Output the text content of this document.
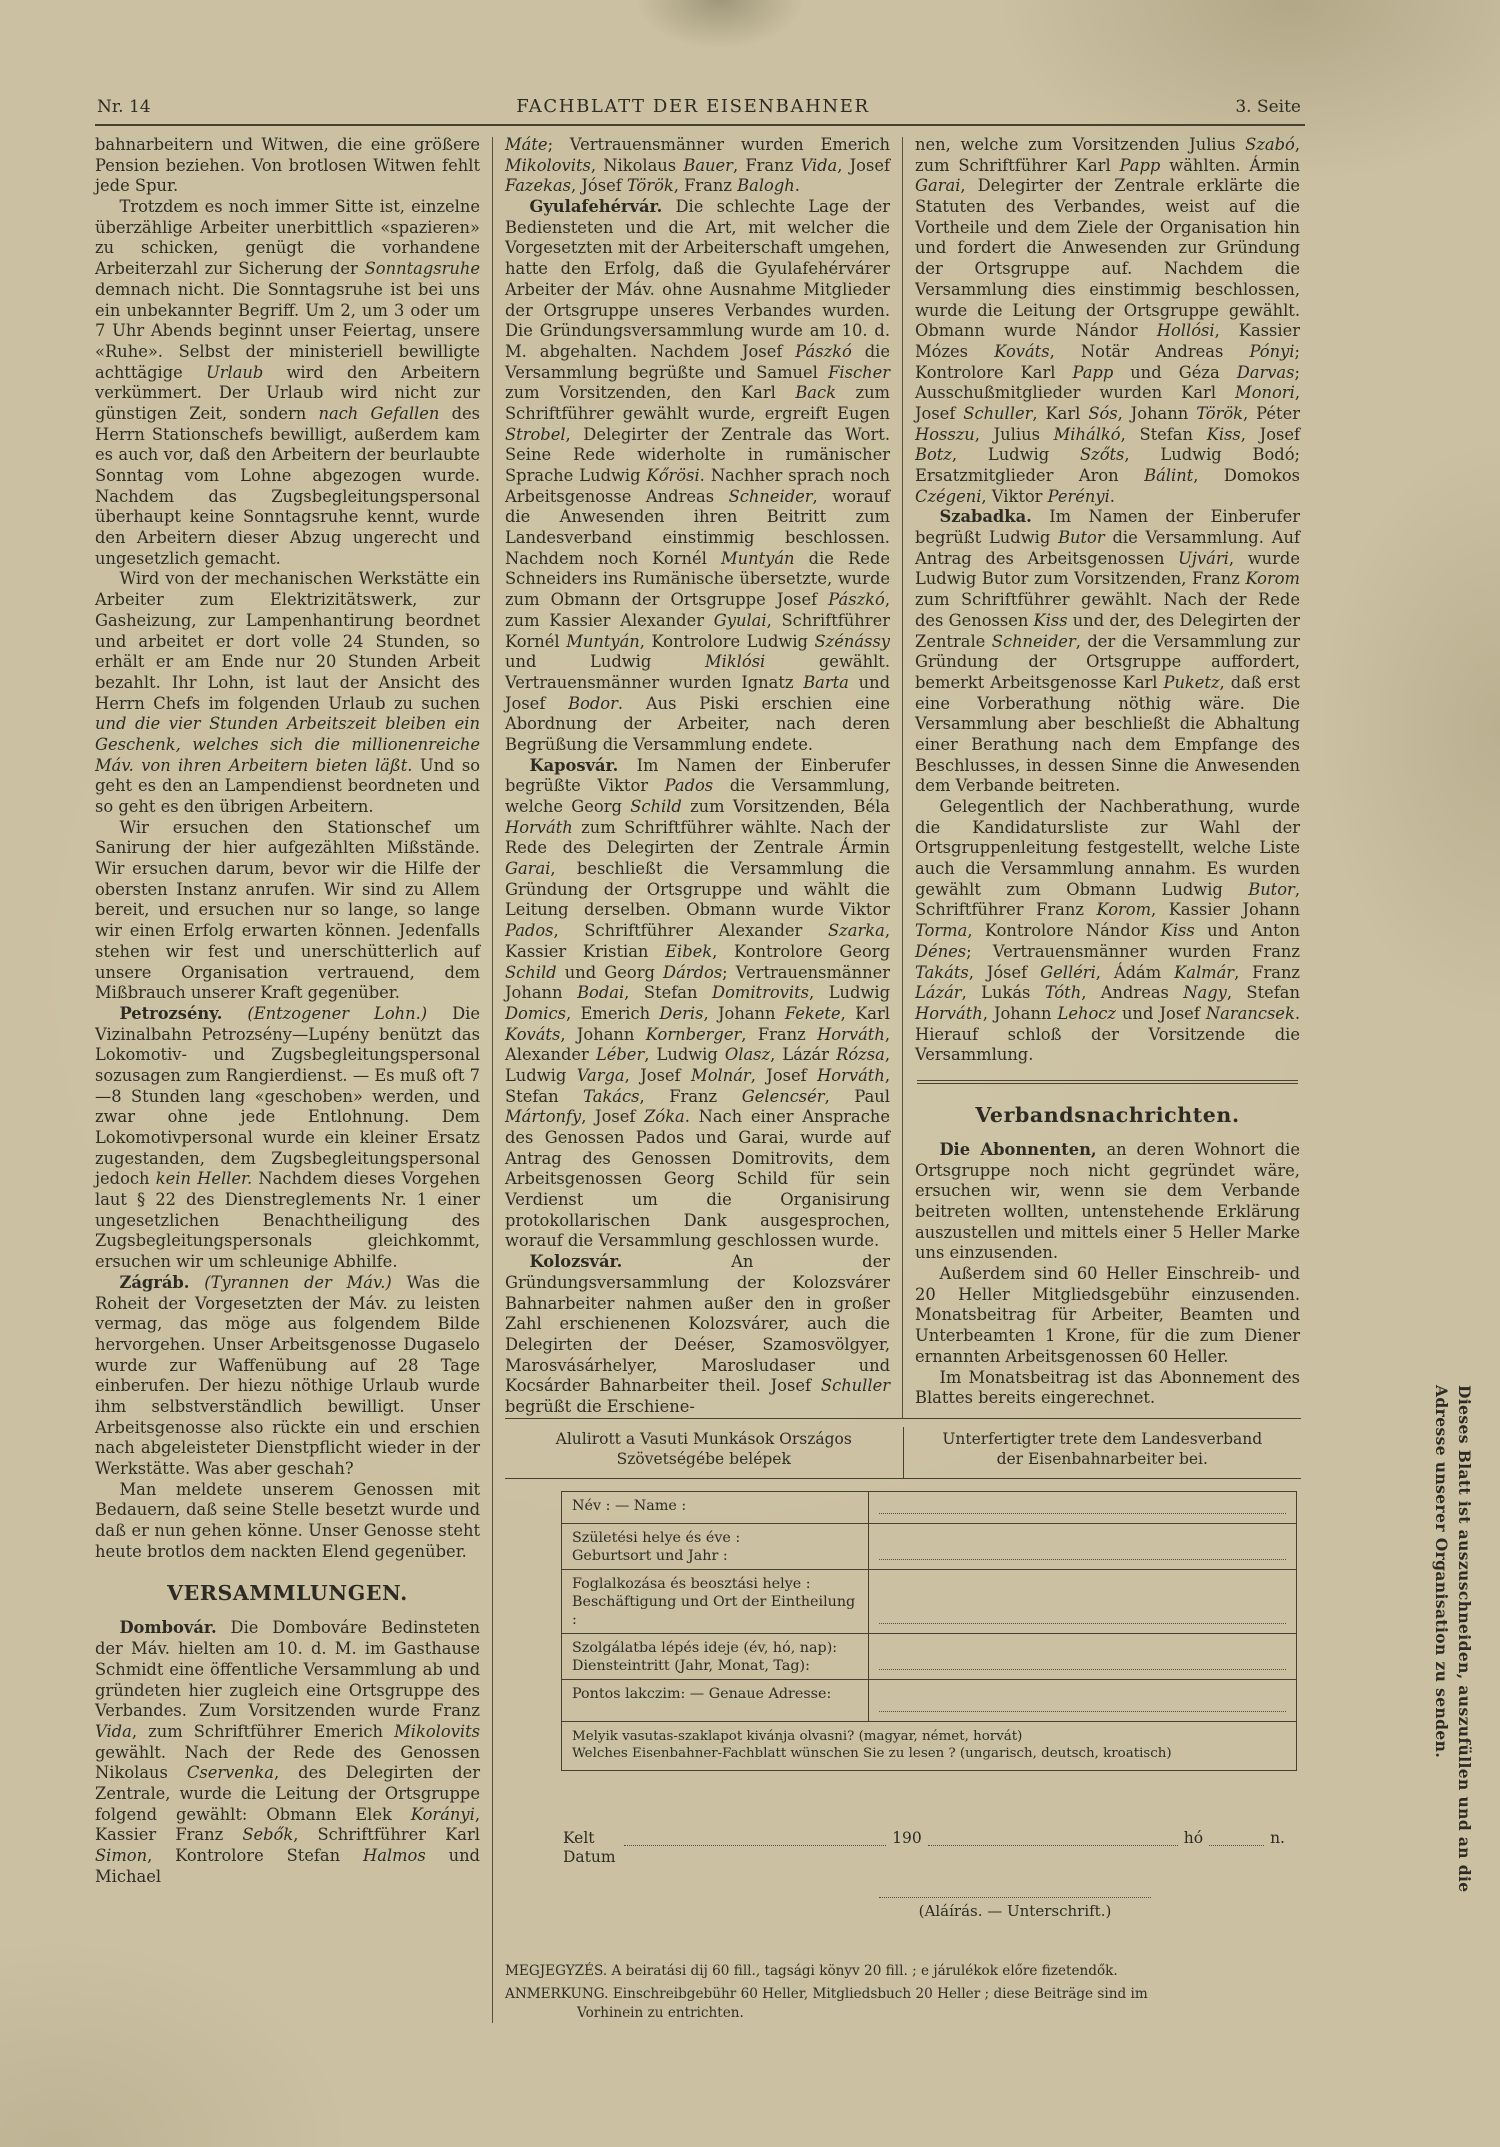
Nr. 14	FACHBLATT DER EISENBAHNER	3. Seite

bahnarbeitern und Witwen, die eine größere Pension beziehen. Von brotlosen Witwen fehlt jede Spur.

Trotzdem es noch immer Sitte ist, einzelne überzählige Arbeiter unerbittlich «spazieren» zu schicken, genügt die vorhandene Arbeiterzahl zur Sicherung der Sonntagsruhe demnach nicht. Die Sonntagsruhe ist bei uns ein unbekannter Begriff. Um 2, um 3 oder um 7 Uhr Abends beginnt unser Feiertag, unsere «Ruhe». Selbst der ministeriell bewilligte achttägige Urlaub wird den Arbeitern verkümmert. Der Urlaub wird nicht zur günstigen Zeit, sondern nach Gefallen des Herrn Stationschefs bewilligt, außerdem kam es auch vor, daß den Arbeitern der beurlaubte Sonntag vom Lohne abgezogen wurde. Nachdem das Zugsbegleitungspersonal überhaupt keine Sonntagsruhe kennt, wurde den Arbeitern dieser Abzug ungerecht und ungesetzlich gemacht.

Wird von der mechanischen Werkstätte ein Arbeiter zum Elektrizitätswerk, zur Gasheizung, zur Lampenhantirung beordnet und arbeitet er dort volle 24 Stunden, so erhält er am Ende nur 20 Stunden Arbeit bezahlt. Ihr Lohn, ist laut der Ansicht des Herrn Chefs im folgenden Urlaub zu suchen und die vier Stunden Arbeitszeit bleiben ein Geschenk, welches sich die millionenreiche Máv. von ihren Arbeitern bieten läßt. Und so geht es den an Lampendienst beordneten und so geht es den übrigen Arbeitern.

Wir ersuchen den Stationschef um Sanirung der hier aufgezählten Mißstände. Wir ersuchen darum, bevor wir die Hilfe der obersten Instanz anrufen. Wir sind zu Allem bereit, und ersuchen nur so lange, so lange wir einen Erfolg erwarten können. Jedenfalls stehen wir fest und unerschütterlich auf unsere Organisation vertrauend, dem Mißbrauch unserer Kraft gegenüber.

Petrozsény. (Entzogener Lohn.) Die Vizinalbahn Petrozsény—Lupény benützt das Lokomotiv- und Zugsbegleitungspersonal sozusagen zum Rangierdienst. — Es muß oft 7—8 Stunden lang «geschoben» werden, und zwar ohne jede Entlohnung. Dem Lokomotivpersonal wurde ein kleiner Ersatz zugestanden, dem Zugsbegleitungspersonal jedoch kein Heller. Nachdem dieses Vorgehen laut § 22 des Dienstreglements Nr. 1 einer ungesetzlichen Benachtheiligung des Zugsbegleitungspersonals gleichkommt, ersuchen wir um schleunige Abhilfe.

Zágráb. (Tyrannen der Máv.) Was die Roheit der Vorgesetzten der Máv. zu leisten vermag, das möge aus folgendem Bilde hervorgehen. Unser Arbeitsgenosse Dugaselo wurde zur Waffenübung auf 28 Tage einberufen. Der hiezu nöthige Urlaub wurde ihm selbstverständlich bewilligt. Unser Arbeitsgenosse also rückte ein und erschien nach abgeleisteter Dienstpflicht wieder in der Werkstätte. Was aber geschah?

Man meldete unserem Genossen mit Bedauern, daß seine Stelle besetzt wurde und daß er nun gehen könne. Unser Genosse steht heute brotlos dem nackten Elend gegenüber.

VERSAMMLUNGEN.

Dombovár. Die Dombováre Bedinsteten der Máv. hielten am 10. d. M. im Gasthause Schmidt eine öffentliche Versammlung ab und gründeten hier zugleich eine Ortsgruppe des Verbandes. Zum Vorsitzenden wurde Franz Vida, zum Schriftführer Emerich Mikolovits gewählt. Nach der Rede des Genossen Nikolaus Cservenka, des Delegirten der Zentrale, wurde die Leitung der Ortsgruppe folgend gewählt: Obmann Elek Korányi, Kassier Franz Sebők, Schriftführer Karl Simon, Kontrolore Stefan Halmos und Michael

Máte; Vertrauensmänner wurden Emerich Mikolovits, Nikolaus Bauer, Franz Vida, Josef Fazekas, Jósef Török, Franz Balogh.

Gyulafehérvár. Die schlechte Lage der Bediensteten und die Art, mit welcher die Vorgesetzten mit der Arbeiterschaft umgehen, hatte den Erfolg, daß die Gyulafehérvárer Arbeiter der Máv. ohne Ausnahme Mitglieder der Ortsgruppe unseres Verbandes wurden. Die Gründungsversammlung wurde am 10. d. M. abgehalten. Nachdem Josef Pászkó die Versammlung begrüßte und Samuel Fischer zum Vorsitzenden, den Karl Back zum Schriftführer gewählt wurde, ergreift Eugen Strobel, Delegirter der Zentrale das Wort. Seine Rede widerholte in rumänischer Sprache Ludwig Kőrösi. Nachher sprach noch Arbeitsgenosse Andreas Schneider, worauf die Anwesenden ihren Beitritt zum Landesverband einstimmig beschlossen. Nachdem noch Kornél Muntyán die Rede Schneiders ins Rumänische übersetzte, wurde zum Obmann der Ortsgruppe Josef Pászkó, zum Kassier Alexander Gyulai, Schriftführer Kornél Muntyán, Kontrolore Ludwig Szénássy und Ludwig Miklósi gewählt. Vertrauensmänner wurden Ignatz Barta und Josef Bodor. Aus Piski erschien eine Abordnung der Arbeiter, nach deren Begrüßung die Versammlung endete.

Kaposvár. Im Namen der Einberufer begrüßte Viktor Pados die Versammlung, welche Georg Schild zum Vorsitzenden, Béla Horváth zum Schriftführer wählte. Nach der Rede des Delegirten der Zentrale Ármin Garai, beschließt die Versammlung die Gründung der Ortsgruppe und wählt die Leitung derselben. Obmann wurde Viktor Pados, Schriftführer Alexander Szarka, Kassier Kristian Eibek, Kontrolore Georg Schild und Georg Dárdos; Vertrauensmänner Johann Bodai, Stefan Domitrovits, Ludwig Domics, Emerich Deris, Johann Fekete, Karl Kováts, Johann Kornberger, Franz Horváth, Alexander Léber, Ludwig Olasz, Lázár Rózsa, Ludwig Varga, Josef Molnár, Josef Horváth, Stefan Takács, Franz Gelencsér, Paul Mártonfy, Josef Zóka. Nach einer Ansprache des Genossen Pados und Garai, wurde auf Antrag des Genossen Domitrovits, dem Arbeitsgenossen Georg Schild für sein Verdienst um die Organisirung protokollarischen Dank ausgesprochen, worauf die Versammlung geschlossen wurde.

Kolozsvár. An der Gründungsversammlung der Kolozsvárer Bahnarbeiter nahmen außer den in großer Zahl erschienenen Kolozsvárer, auch die Delegirten der Deéser, Szamosvölgyer, Marosvásárhelyer, Marosludaser und Kocsárder Bahnarbeiter theil. Josef Schuller begrüßt die Erschiene-

nen, welche zum Vorsitzenden Julius Szabó, zum Schriftführer Karl Papp wählten. Ármin Garai, Delegirter der Zentrale erklärte die Statuten des Verbandes, weist auf die Vortheile und dem Ziele der Organisation hin und fordert die Anwesenden zur Gründung der Ortsgruppe auf. Nachdem die Versammlung dies einstimmig beschlossen, wurde die Leitung der Ortsgruppe gewählt. Obmann wurde Nándor Hollósi, Kassier Mózes Kováts, Notär Andreas Pónyi; Kontrolore Karl Papp und Géza Darvas; Ausschußmitglieder wurden Karl Monori, Josef Schuller, Karl Sós, Johann Török, Péter Hosszu, Julius Mihálkó, Stefan Kiss, Josef Botz, Ludwig Szőts, Ludwig Bodó; Ersatzmitglieder Aron Bálint, Domokos Czégeni, Viktor Perényi.

Szabadka. Im Namen der Einberufer begrüßt Ludwig Butor die Versammlung. Auf Antrag des Arbeitsgenossen Ujvári, wurde Ludwig Butor zum Vorsitzenden, Franz Korom zum Schriftführer gewählt. Nach der Rede des Genossen Kiss und der, des Delegirten der Zentrale Schneider, der die Versammlung zur Gründung der Ortsgruppe auffordert, bemerkt Arbeitsgenosse Karl Puketz, daß erst eine Vorberathung nöthig wäre. Die Versammlung aber beschließt die Abhaltung einer Berathung nach dem Empfange des Beschlusses, in dessen Sinne die Anwesenden dem Verbande beitreten.

Gelegentlich der Nachberathung, wurde die Kandidatursliste zur Wahl der Ortsgruppenleitung festgestellt, welche Liste auch die Versammlung annahm. Es wurden gewählt zum Obmann Ludwig Butor, Schriftführer Franz Korom, Kassier Johann Torma, Kontrolore Nándor Kiss und Anton Dénes; Vertrauensmänner wurden Franz Takáts, Jósef Gelléri, Ádám Kalmár, Franz Lázár, Lukás Tóth, Andreas Nagy, Stefan Horváth, Johann Lehocz und Josef Narancsek. Hierauf schloß der Vorsitzende die Versammlung.

Verbandsnachrichten.

Die Abonnenten, an deren Wohnort die Ortsgruppe noch nicht gegründet wäre, ersuchen wir, wenn sie dem Verbande beitreten wollten, untenstehende Erklärung auszustellen und mittels einer 5 Heller Marke uns einzusenden.

Außerdem sind 60 Heller Einschreib- und 20 Heller Mitgliedsgebühr einzusenden. Monatsbeitrag für Arbeiter, Beamten und Unterbeamten 1 Krone, für die zum Diener ernannten Arbeitsgenossen 60 Heller.

Im Monatsbeitrag ist das Abonnement des Blattes bereits eingerechnet.

Alulirott a Vasuti Munkások Országos Szövetségébe belépek
Unterfertigter trete dem Landesverband der Eisenbahnarbeiter bei.
Név : — Name :
Születési helye és éve :
Geburtsort und Jahr :
Foglalkozása és beosztási helye :
Beschäftigung und Ort der Eintheilung :
Szolgálatba lépés ideje (év, hó, nap):
Diensteintritt (Jahr, Monat, Tag):
Pontos lakczim: — Genaue Adresse:
Melyik vasutas-szaklapot kivánja olvasni? (magyar, német, horvát)
Welches Eisenbahner-Fachblatt wünschen Sie zu lesen ? (ungarisch, deutsch, kroatisch)
Kelt
Datum
190	hó	n.
(Aláírás. — Unterschrift.)
MEGJEGYZÉS. A beiratási dij 60 fill., tagsági könyv 20 fill. ; e járulékok előre fizetendők.
ANMERKUNG. Einschreibgebühr 60 Heller, Mitgliedsbuch 20 Heller ; diese Beiträge sind im
Vorhinein zu entrichten.
Dieses Blatt ist auszuschneiden, auszufüllen und an die
Adresse unserer Organisation zu senden.
